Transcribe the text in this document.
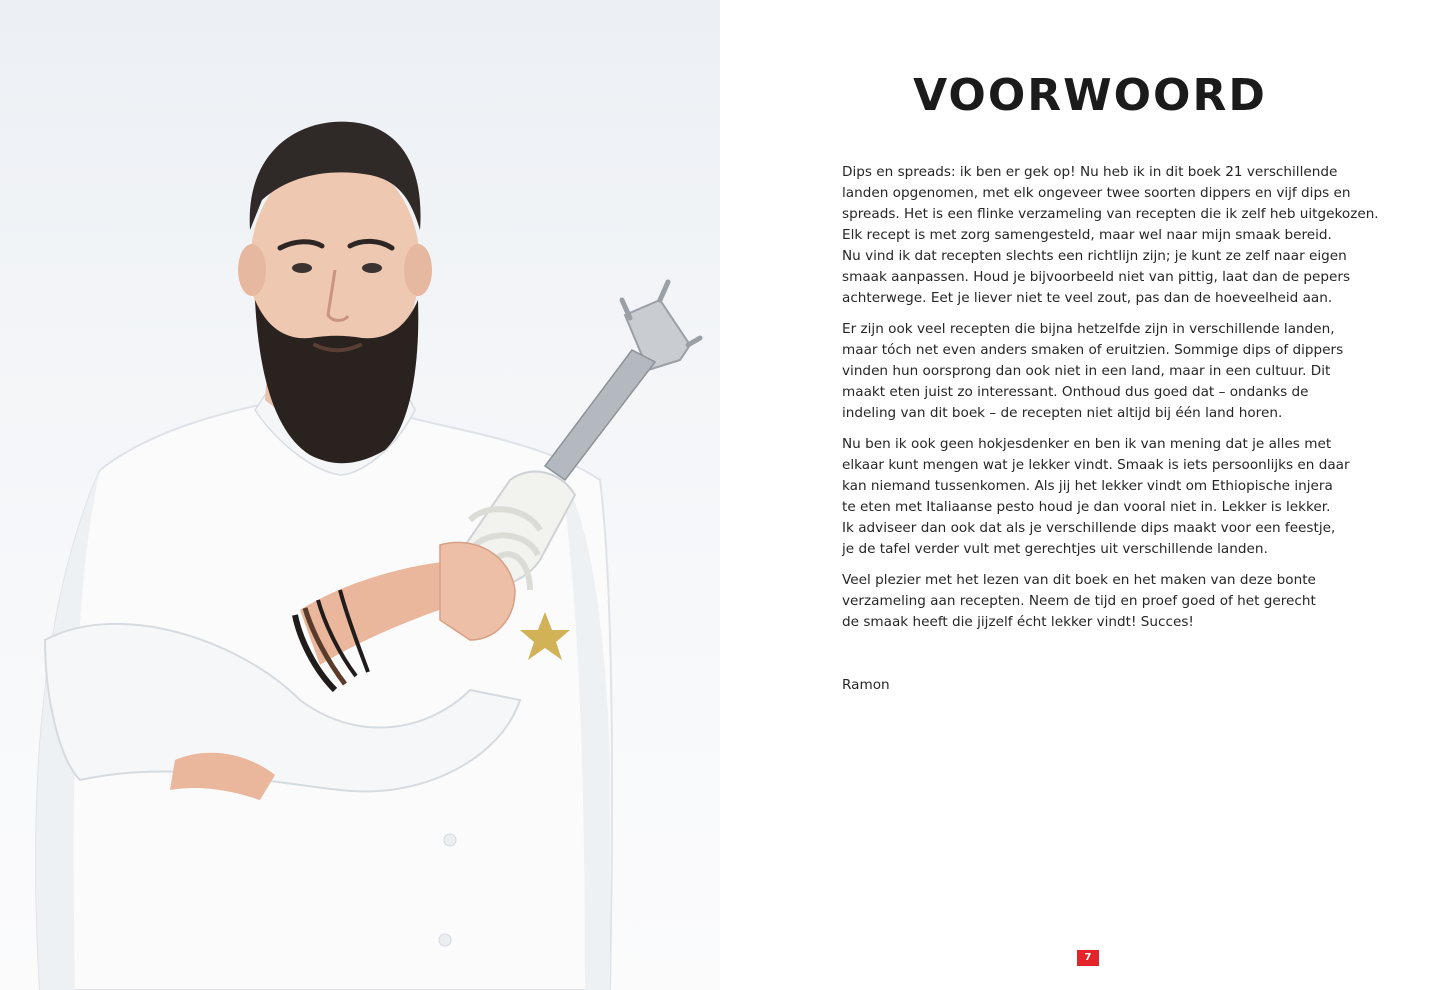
VOORWOORD

Dips en spreads: ik ben er gek op! Nu heb ik in dit boek 21 verschillende
landen opgenomen, met elk ongeveer twee soorten dippers en vijf dips en
spreads. Het is een flinke verzameling van recepten die ik zelf heb uitgekozen.
Elk recept is met zorg samengesteld, maar wel naar mijn smaak bereid.
Nu vind ik dat recepten slechts een richtlijn zijn; je kunt ze zelf naar eigen
smaak aanpassen. Houd je bijvoorbeeld niet van pittig, laat dan de pepers
achterwege. Eet je liever niet te veel zout, pas dan de hoeveelheid aan.

Er zijn ook veel recepten die bijna hetzelfde zijn in verschillende landen,
maar tóch net even anders smaken of eruitzien. Sommige dips of dippers
vinden hun oorsprong dan ook niet in een land, maar in een cultuur. Dit
maakt eten juist zo interessant. Onthoud dus goed dat – ondanks de
indeling van dit boek – de recepten niet altijd bij één land horen.

Nu ben ik ook geen hokjesdenker en ben ik van mening dat je alles met
elkaar kunt mengen wat je lekker vindt. Smaak is iets persoonlijks en daar
kan niemand tussenkomen. Als jij het lekker vindt om Ethiopische injera
te eten met Italiaanse pesto houd je dan vooral niet in. Lekker is lekker.
Ik adviseer dan ook dat als je verschillende dips maakt voor een feestje,
je de tafel verder vult met gerechtjes uit verschillende landen.

Veel plezier met het lezen van dit boek en het maken van deze bonte
verzameling aan recepten. Neem de tijd en proef goed of het gerecht
de smaak heeft die jijzelf écht lekker vindt! Succes!

Ramon
7
